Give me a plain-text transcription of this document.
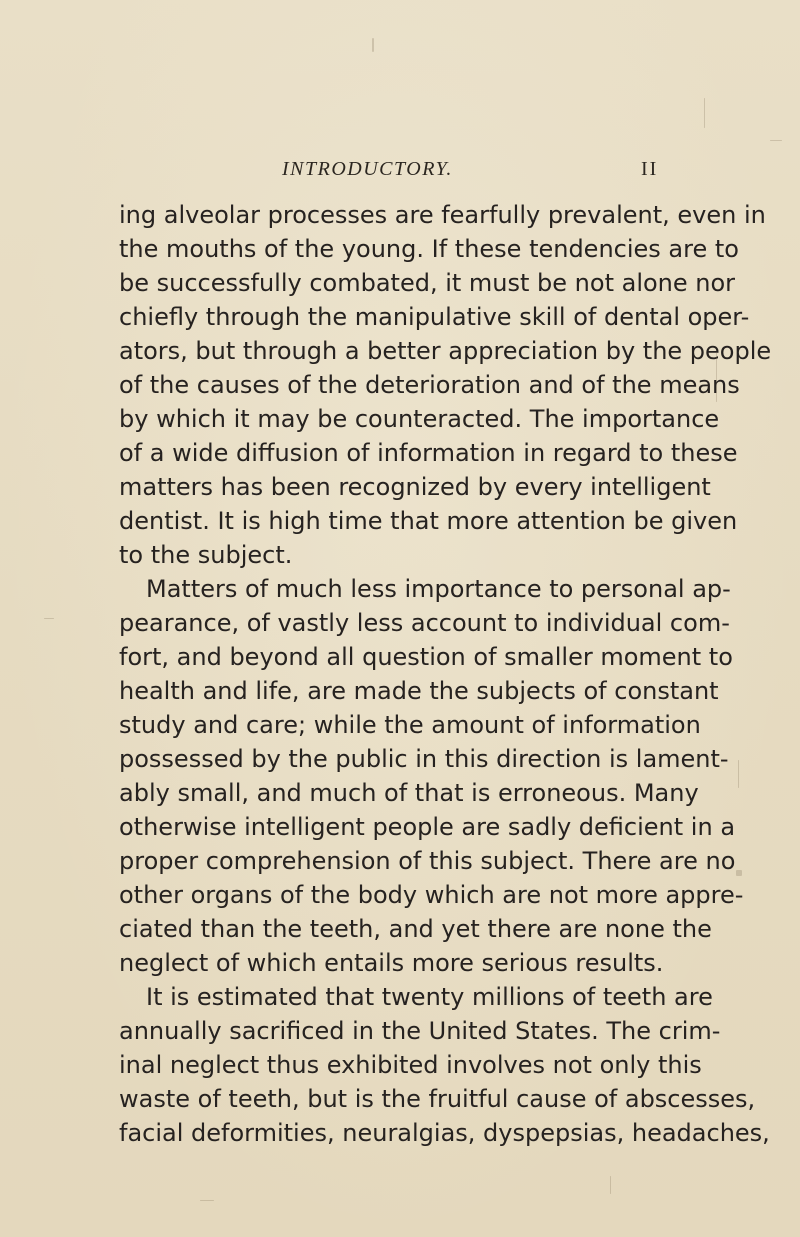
INTRODUCTORY.	II

ing alveolar processes are fearfully prevalent, even in

the mouths of the young. If these tendencies are to

be successfully combated, it must be not alone nor

chiefly through the manipulative skill of dental oper-

ators, but through a better appreciation by the people

of the causes of the deterioration and of the means

by which it may be counteracted. The importance

of a wide diffusion of information in regard to these

matters has been recognized by every intelligent

dentist. It is high time that more attention be given

to the subject.

Matters of much less importance to personal ap-

pearance, of vastly less account to individual com-

fort, and beyond all question of smaller moment to

health and life, are made the subjects of constant

study and care; while the amount of information

possessed by the public in this direction is lament-

ably small, and much of that is erroneous. Many

otherwise intelligent people are sadly deficient in a

proper comprehension of this subject. There are no

other organs of the body which are not more appre-

ciated than the teeth, and yet there are none the

neglect of which entails more serious results.

It is estimated that twenty millions of teeth are

annually sacrificed in the United States. The crim-

inal neglect thus exhibited involves not only this

waste of teeth, but is the fruitful cause of abscesses,

facial deformities, neuralgias, dyspepsias, headaches,
